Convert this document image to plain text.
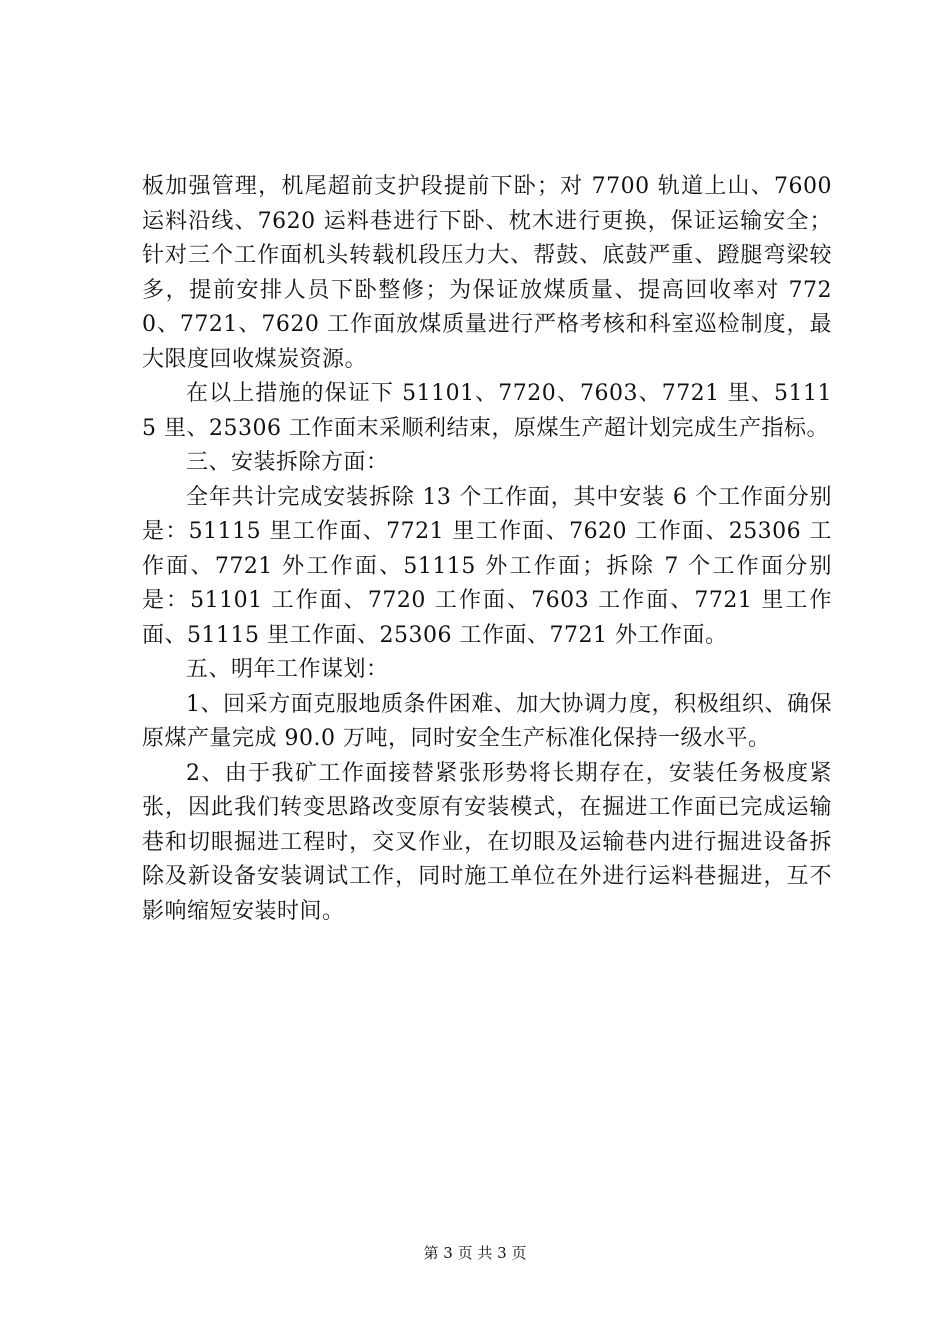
板加强管理，机尾超前支护段提前下卧；对 7700 轨道上山、7600 运料沿线、7620 运料巷进行下卧、枕木进行更换，保证运输安全；针对三个工作面机头转载机段压力大、帮鼓、底鼓严重、蹬腿弯梁较多，提前安排人员下卧整修；为保证放煤质量、提高回收率对 7720、7721、7620 工作面放煤质量进行严格考核和科室巡检制度，最大限度回收煤炭资源。

在以上措施的保证下 51101、7720、7603、7721 里、51115 里、25306 工作面末采顺利结束，原煤生产超计划完成生产指标。

三、安装拆除方面：

全年共计完成安装拆除 13 个工作面，其中安装 6 个工作面分别是：51115 里工作面、7721 里工作面、7620 工作面、25306 工作面、7721 外工作面、51115 外工作面；拆除 7 个工作面分别是：51101 工作面、7720 工作面、7603 工作面、7721 里工作面、51115 里工作面、25306 工作面、7721 外工作面。

五、明年工作谋划：

1、回采方面克服地质条件困难、加大协调力度，积极组织、确保原煤产量完成 90.0 万吨，同时安全生产标准化保持一级水平。

2、由于我矿工作面接替紧张形势将长期存在，安装任务极度紧张，因此我们转变思路改变原有安装模式，在掘进工作面已完成运输巷和切眼掘进工程时，交叉作业，在切眼及运输巷内进行掘进设备拆除及新设备安装调试工作，同时施工单位在外进行运料巷掘进，互不影响缩短安装时间。

第 3 页 共 3 页
